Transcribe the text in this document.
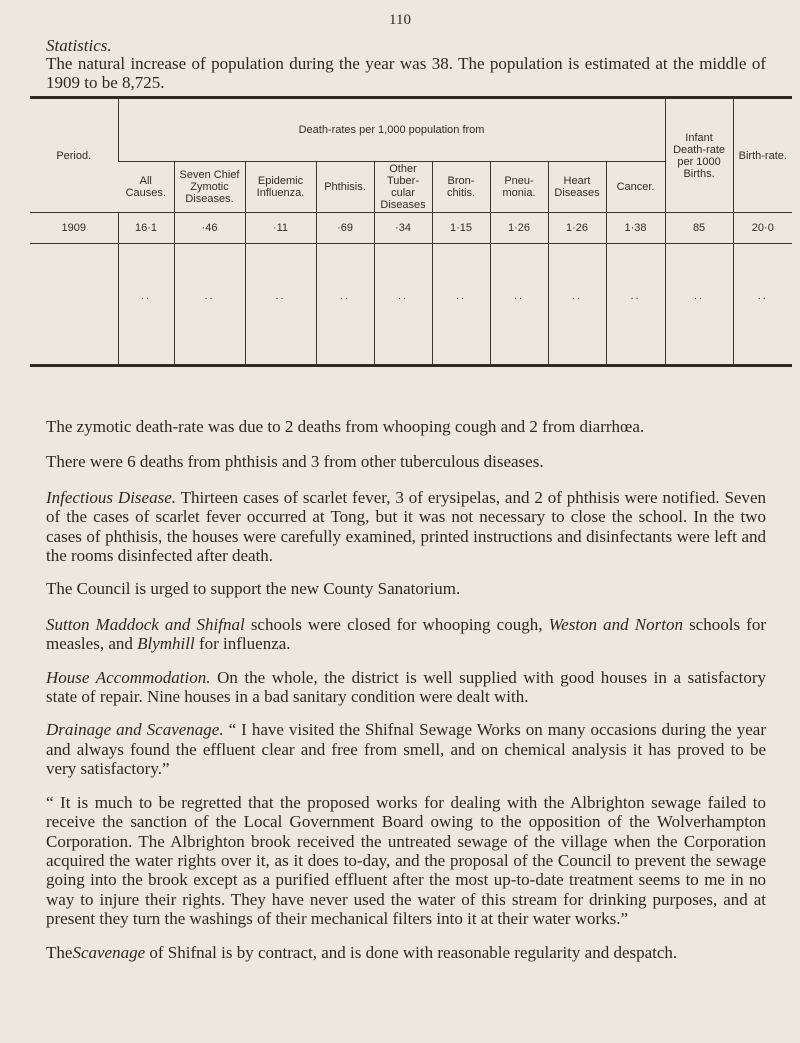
110
Statistics.
The natural increase of population during the year was 38. The population is estimated at the middle of 1909 to be 8,725.
Period.	Death-rates per 1,000 population from									Infant Death-rate per 1000 Births.	Birth-rate.
	All Causes.	Seven Chief Zymotic Diseases.	Epidemic Influenza.	Phthisis.	Other Tuber-cular Diseases	Bron-chitis.	Pneu-monia.	Heart Diseases	Cancer.		
1909	16·1	·46	·11	·69	·34	1·15	1·26	1·26	1·38	85	20·0
	..	..	..	..	..	..	..	..	..	..	..

The zymotic death-rate was due to 2 deaths from whooping cough and 2 from diarrhœa.

There were 6 deaths from phthisis and 3 from other tuberculous diseases.

Infectious Disease. Thirteen cases of scarlet fever, 3 of erysipelas, and 2 of phthisis were notified. Seven of the cases of scarlet fever occurred at Tong, but it was not necessary to close the school. In the two cases of phthisis, the houses were carefully examined, printed instructions and disinfectants were left and the rooms disinfected after death.

The Council is urged to support the new County Sanatorium.

Sutton Maddock and Shifnal schools were closed for whooping cough, Weston and Norton schools for measles, and Blymhill for influenza.

House Accommodation. On the whole, the district is well supplied with good houses in a satisfactory state of repair. Nine houses in a bad sanitary condition were dealt with.

Drainage and Scavenage. “ I have visited the Shifnal Sewage Works on many occasions during the year and always found the effluent clear and free from smell, and on chemical analysis it has proved to be very satisfactory.”

“ It is much to be regretted that the proposed works for dealing with the Albrighton sewage failed to receive the sanction of the Local Government Board owing to the opposition of the Wolverhampton Corporation. The Albrighton brook received the untreated sewage of the village when the Corporation acquired the water rights over it, as it does to-day, and the proposal of the Council to prevent the sewage going into the brook except as a purified effluent after the most up-to-date treatment seems to me in no way to injure their rights. They have never used the water of this stream for drinking purposes, and at present they turn the washings of their mechanical filters into it at their water works.”

TheScavenage of Shifnal is by contract, and is done with reasonable regularity and despatch.
